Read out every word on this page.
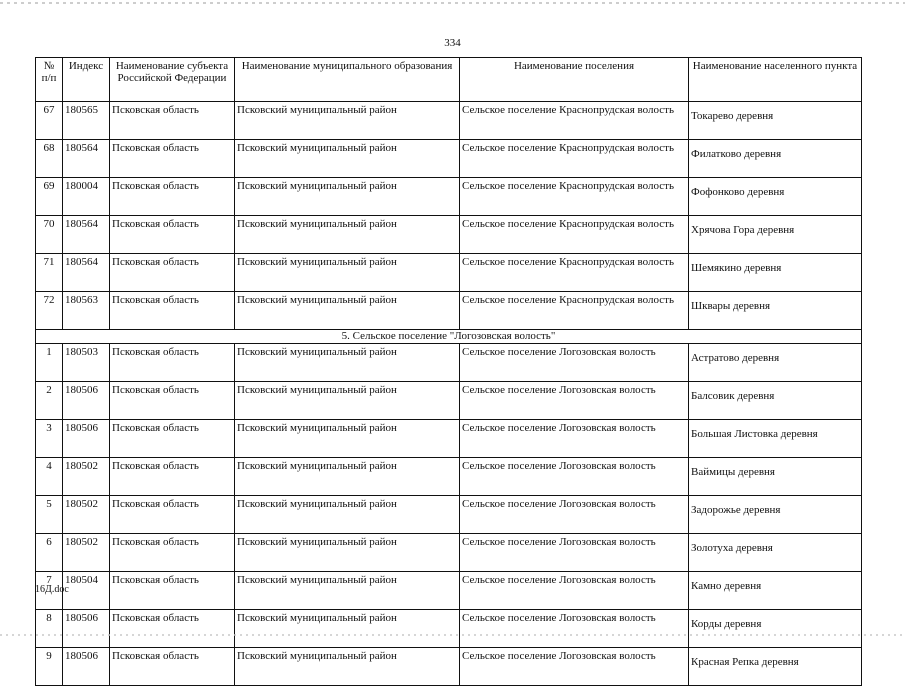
334
№ п/п	Индекс	Наименование субъекта Российской Федерации	Наименование муниципального образования	Наименование поселения	Наименование населенного пункта
67	180565	Псковская область	Псковский муниципальный район	Сельское поселение Краснопрудская волость	Токарево деревня
68	180564	Псковская область	Псковский муниципальный район	Сельское поселение Краснопрудская волость	Филатково деревня
69	180004	Псковская область	Псковский муниципальный район	Сельское поселение Краснопрудская волость	Фофонково деревня
70	180564	Псковская область	Псковский муниципальный район	Сельское поселение Краснопрудская волость	Хрячова Гора деревня
71	180564	Псковская область	Псковский муниципальный район	Сельское поселение Краснопрудская волость	Шемякино деревня
72	180563	Псковская область	Псковский муниципальный район	Сельское поселение Краснопрудская волость	Шквары деревня
5. Сельское поселение "Логозовская волость"					
1	180503	Псковская область	Псковский муниципальный район	Сельское поселение Логозовская волость	Астратово деревня
2	180506	Псковская область	Псковский муниципальный район	Сельское поселение Логозовская волость	Балсовик деревня
3	180506	Псковская область	Псковский муниципальный район	Сельское поселение Логозовская волость	Большая Листовка деревня
4	180502	Псковская область	Псковский муниципальный район	Сельское поселение Логозовская волость	Ваймицы деревня
5	180502	Псковская область	Псковский муниципальный район	Сельское поселение Логозовская волость	Задорожье деревня
6	180502	Псковская область	Псковский муниципальный район	Сельское поселение Логозовская волость	Золотуха деревня
7	180504	Псковская область	Псковский муниципальный район	Сельское поселение Логозовская волость	Камно деревня
8	180506	Псковская область	Псковский муниципальный район	Сельское поселение Логозовская волость	Корды деревня
9	180506	Псковская область	Псковский муниципальный район	Сельское поселение Логозовская волость	Красная Репка деревня
16Д.doc
